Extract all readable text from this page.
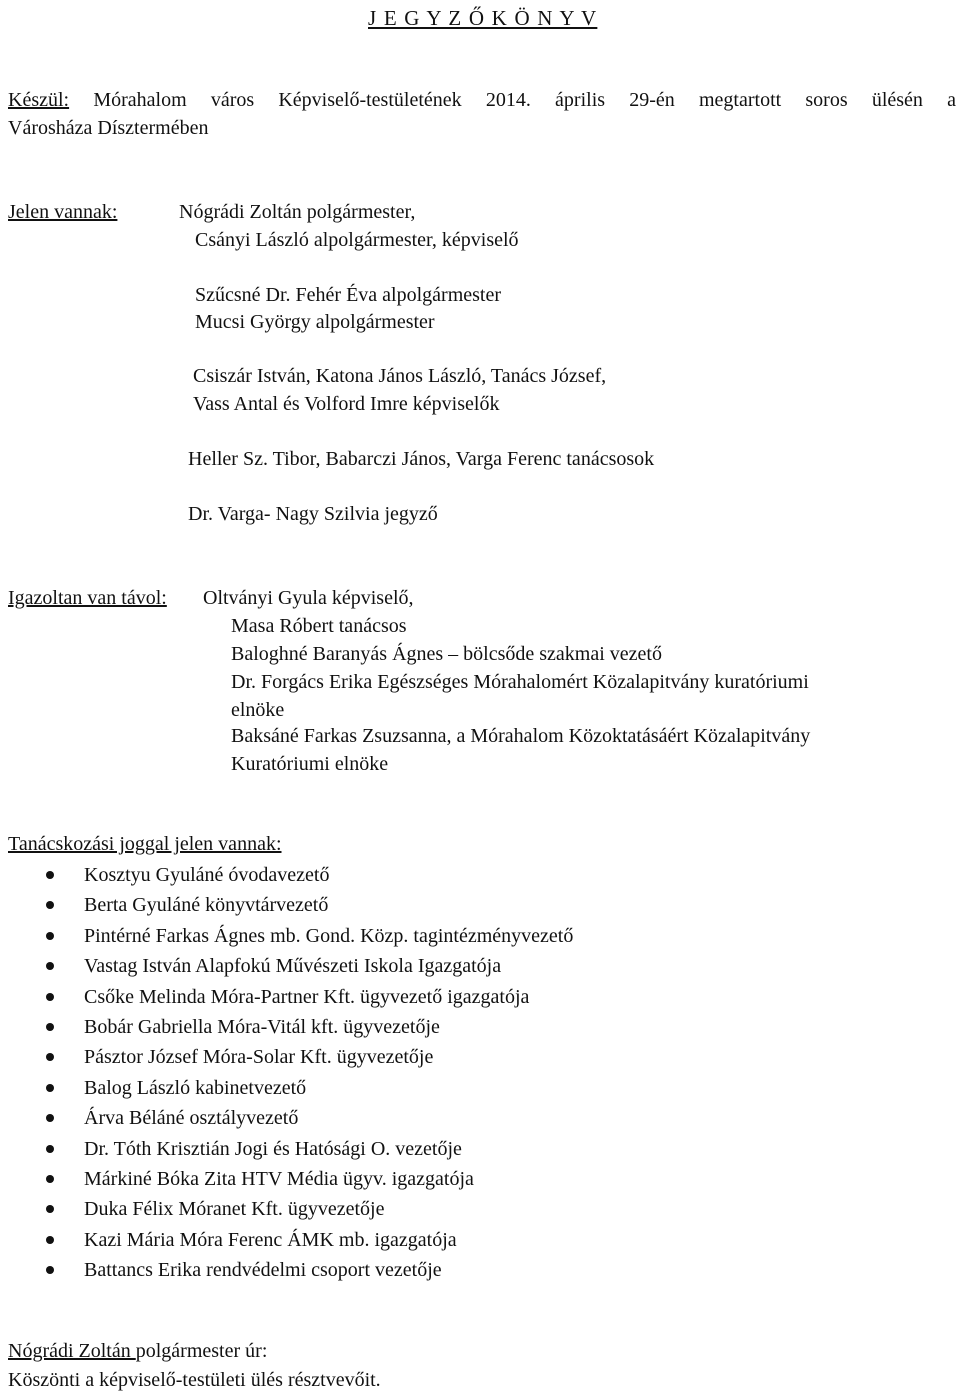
J E G Y Z Ő K Ö N Y V
Készül: Mórahalom város Képviselő-testületének 2014. április 29-én megtartott soros ülésén a
Városháza Dísztermében
Jelen vannak:	Nógrádi Zoltán polgármester,
Csányi László alpolgármester, képviselő
Szűcsné Dr. Fehér Éva alpolgármester
Mucsi György alpolgármester
Csiszár István, Katona János László, Tanács József,
Vass Antal és Volford Imre képviselők
Heller Sz. Tibor, Babarczi János, Varga Ferenc tanácsosok
Dr. Varga- Nagy Szilvia jegyző
Igazoltan van távol: Oltványi Gyula képviselő,
Masa Róbert tanácsos
Baloghné Baranyás Ágnes – bölcsőde szakmai vezető
Dr. Forgács Erika Egészséges Mórahalomért Közalapitvány kuratóriumi
elnöke
Baksáné Farkas Zsuzsanna, a Mórahalom Közoktatásáért Közalapitvány
Kuratóriumi elnöke
Tanácskozási joggal jelen vannak:
Kosztyu Gyuláné óvodavezető
Berta Gyuláné könyvtárvezető
Pintérné Farkas Ágnes mb. Gond. Közp. tagintézményvezető
Vastag István Alapfokú Művészeti Iskola Igazgatója
Csőke Melinda Móra-Partner Kft. ügyvezető igazgatója
Bobár Gabriella Móra-Vitál kft. ügyvezetője
Pásztor József Móra-Solar Kft. ügyvezetője
Balog László kabinetvezető
Árva Béláné osztályvezető
Dr. Tóth Krisztián Jogi és Hatósági O. vezetője
Márkiné Bóka Zita HTV Média ügyv. igazgatója
Duka Félix Móranet Kft. ügyvezetője
Kazi Mária Móra Ferenc ÁMK mb. igazgatója
Battancs Erika rendvédelmi csoport vezetője
Nógrádi Zoltán polgármester úr:
Köszönti a képviselő-testületi ülés résztvevőit.
